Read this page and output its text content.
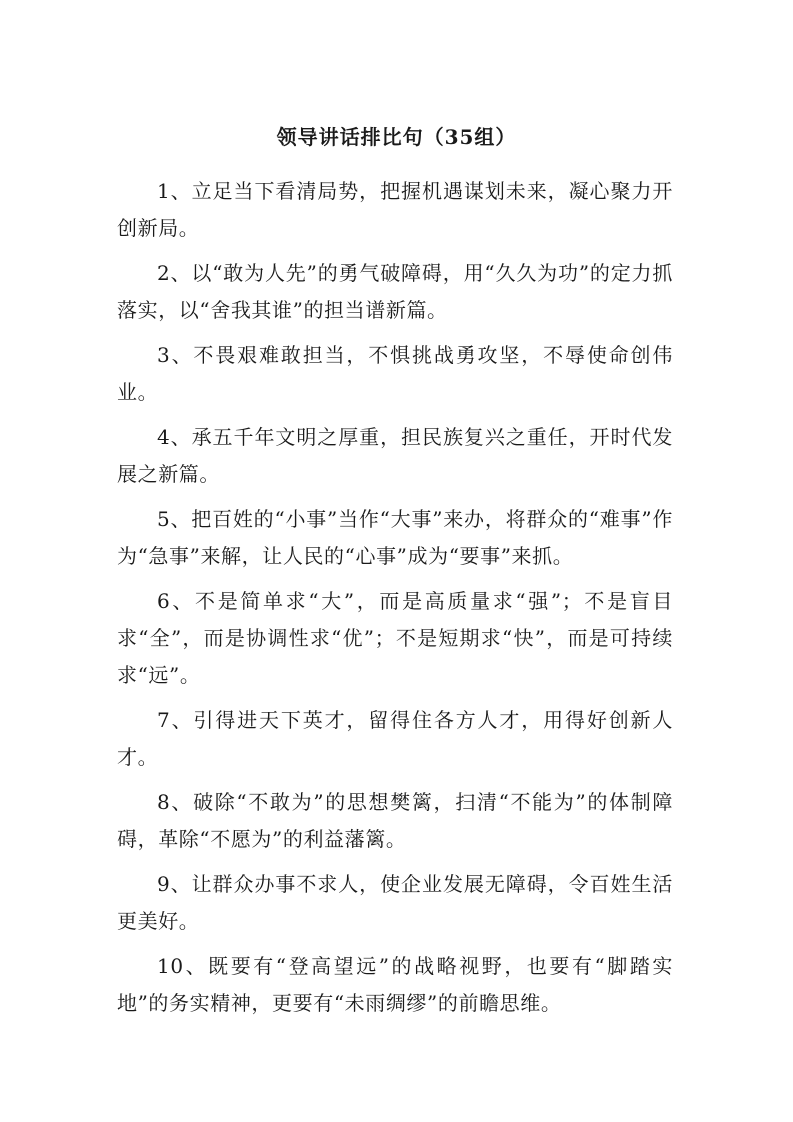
领导讲话排比句（35组）

1、立足当下看清局势，把握机遇谋划未来，凝心聚力开创新局。

2、以“敢为人先”的勇气破障碍，用“久久为功”的定力抓落实，以“舍我其谁”的担当谱新篇。

3、不畏艰难敢担当，不惧挑战勇攻坚，不辱使命创伟业。

4、承五千年文明之厚重，担民族复兴之重任，开时代发展之新篇。

5、把百姓的“小事”当作“大事”来办，将群众的“难事”作为“急事”来解，让人民的“心事”成为“要事”来抓。

6、不是简单求“大”，而是高质量求“强”；不是盲目求“全”，而是协调性求“优”；不是短期求“快”，而是可持续求“远”。

7、引得进天下英才，留得住各方人才，用得好创新人才。

8、破除“不敢为”的思想樊篱，扫清“不能为”的体制障碍，革除“不愿为”的利益藩篱。

9、让群众办事不求人，使企业发展无障碍，令百姓生活更美好。

10、既要有“登高望远”的战略视野，也要有“脚踏实地”的务实精神，更要有“未雨绸缪”的前瞻思维。
